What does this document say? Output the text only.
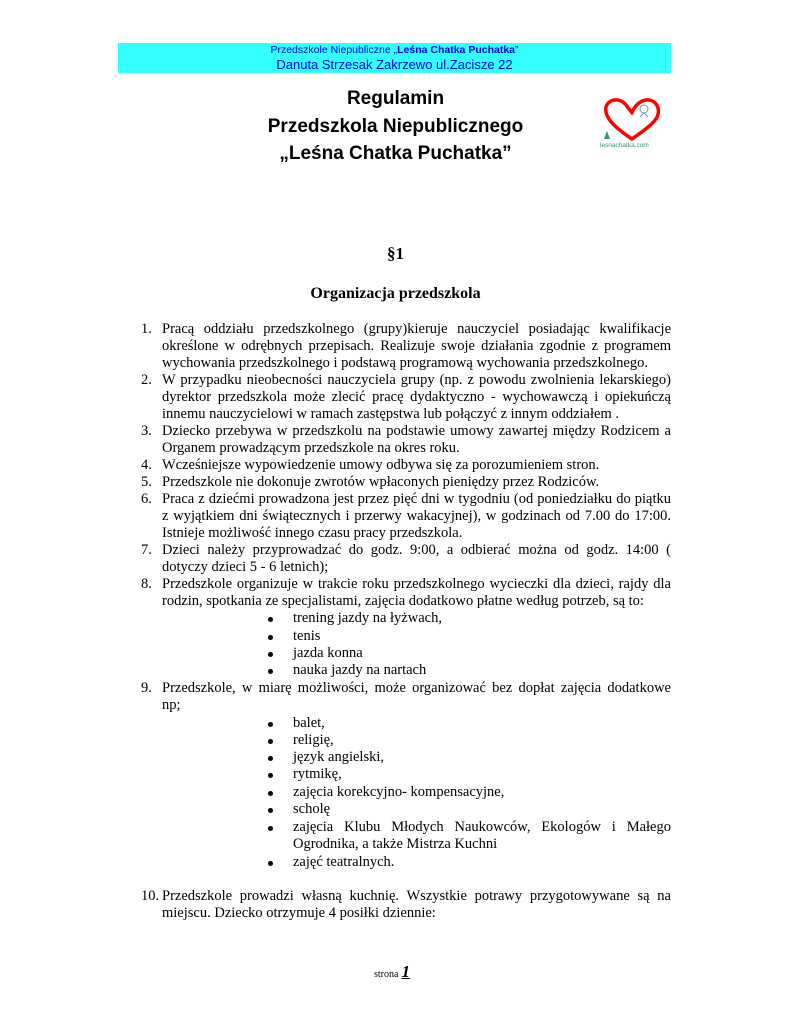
Przedszkole Niepubliczne „Leśna Chatka Puchatka”
Danuta Strzesak Zakrzewo ul.Zacisze 22
Regulamin
Przedszkola Niepublicznego
„Leśna Chatka Puchatka”	lesnachatka.com
§1
Organizacja przedszkola
1. Pracą oddziału przedszkolnego (grupy)kieruje nauczyciel posiadając kwalifikacje
określone w odrębnych przepisach. Realizuje swoje działania zgodnie z programem
wychowania przedszkolnego i podstawą programową wychowania przedszkolnego.
2. W przypadku nieobecności nauczyciela grupy (np. z powodu zwolnienia lekarskiego)
dyrektor przedszkola może zlecić pracę dydaktyczno - wychowawczą i opiekuńczą
innemu nauczycielowi w ramach zastępstwa lub połączyć z innym oddziałem .
3. Dziecko przebywa w przedszkolu na podstawie umowy zawartej między Rodzicem a
Organem prowadzącym przedszkole na okres roku.
4. Wcześniejsze wypowiedzenie umowy odbywa się za porozumieniem stron.
5. Przedszkole nie dokonuje zwrotów wpłaconych pieniędzy przez Rodziców.
6. Praca z dziećmi prowadzona jest przez pięć dni w tygodniu (od poniedziałku do piątku
z wyjątkiem dni świątecznych i przerwy wakacyjnej), w godzinach od 7.00 do 17:00.
Istnieje możliwość innego czasu pracy przedszkola.
7. Dzieci należy przyprowadzać do godz. 9:00, a odbierać można od godz. 14:00 (
dotyczy dzieci 5 - 6 letnich);
8. Przedszkole organizuje w trakcie roku przedszkolnego wycieczki dla dzieci, rajdy dla
rodzin, spotkania ze specjalistami, zajęcia dodatkowo płatne według potrzeb, są to:
trening jazdy na łyżwach,
tenis
jazda konna
nauka jazdy na nartach
9. Przedszkole, w miarę możliwości, może organizować bez dopłat zajęcia dodatkowe
np;
balet,
religię,
język angielski,
rytmikę,
zajęcia korekcyjno- kompensacyjne,
scholę
zajęcia Klubu Młodych Naukowców, Ekologów i Małego
Ogrodnika, a także Mistrza Kuchni
zajęć teatralnych.
10. Przedszkole prowadzi własną kuchnię. Wszystkie potrawy przygotowywane są na
miejscu. Dziecko otrzymuje 4 posiłki dziennie:
strona 1
